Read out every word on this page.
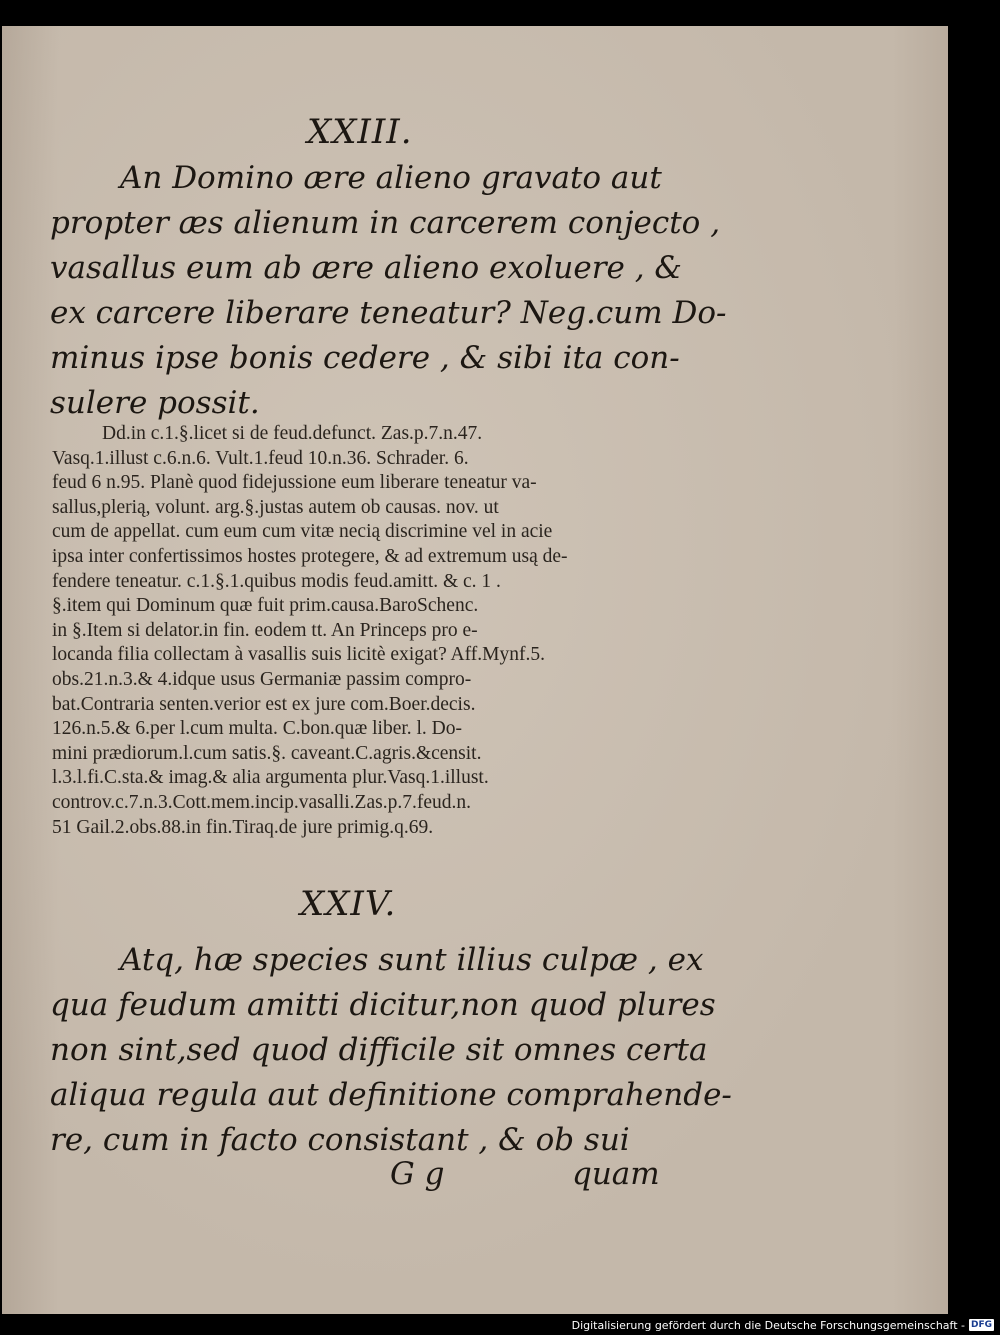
XXIII.

An Domino ære alieno gravato aut
propter æs alienum in carcerem conjecto ,
vasallus eum ab ære alieno exoluere , &
ex carcere liberare teneatur? Neg.cum Do-
minus ipse bonis cedere , & sibi ita con-
sulere possit.

Dd.in c.1.§.licet si de feud.defunct. Zas.p.7.n.47.
Vasq.1.illust c.6.n.6. Vult.1.feud 10.n.36. Schrader. 6.
feud 6 n.95. Planè quod fidejussione eum liberare teneatur va-
sallus,plerią, volunt. arg.§.justas autem ob causas. nov. ut
cum de appellat. cum eum cum vitæ necią discrimine vel in acie
ipsa inter confertissimos hostes protegere, & ad extremum usą de-
fendere teneatur. c.1.§.1.quibus modis feud.amitt. & c. 1 .
§.item qui Dominum quæ fuit prim.causa.BaroSchenc.
in §.Item si delator.in fin. eodem tt. An Princeps pro e-
locanda filia collectam à vasallis suis licitè exigat? Aff.Mynf.5.
obs.21.n.3.& 4.idque usus Germaniæ passim compro-
bat.Contraria senten.verior est ex jure com.Boer.decis.
126.n.5.& 6.per l.cum multa. C.bon.quæ liber. l. Do-
mini prædiorum.l.cum satis.§. caveant.C.agris.&censit.
l.3.l.fi.C.sta.& imag.& alia argumenta plur.Vasq.1.illust.
controv.c.7.n.3.Cott.mem.incip.vasalli.Zas.p.7.feud.n.
51 Gail.2.obs.88.in fin.Tiraq.de jure primig.q.69.

XXIV.

Atq, hæ species sunt illius culpæ , ex
qua feudum amitti dicitur,non quod plures
non sint,sed quod difficile sit omnes certa
aliqua regula aut definitione comprahende-
re, cum in facto consistant , & ob sui

G g	quam
Digitalisierung gefördert durch die Deutsche Forschungsgemeinschaft - DFG
